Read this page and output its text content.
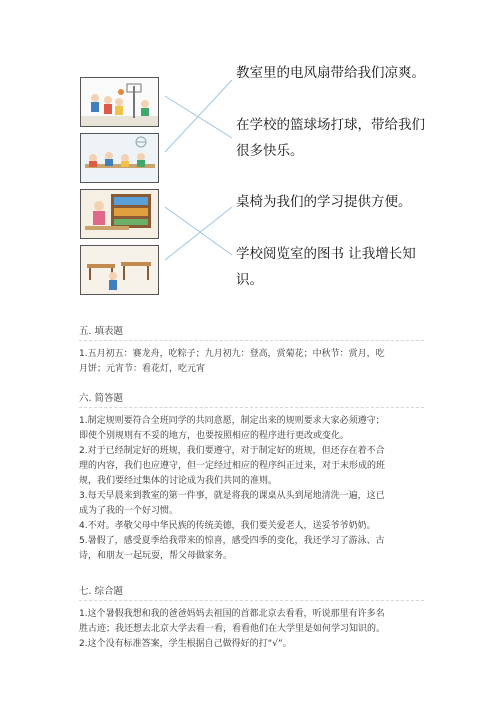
教室里的电风扇带给我们凉爽。
在学校的篮球场打球，带给我们
很多快乐。
桌椅为我们的学习提供方便。
学校阅览室的图书 让我增长知
识。
五. 填表题
1.五月初五：赛龙舟，吃粽子；九月初九：登高，赏菊花；中秋节：赏月，吃
月饼；元宵节：看花灯，吃元宵
六. 简答题
1.制定规则要符合全班同学的共同意愿，制定出来的规则要求大家必须遵守；
即使个别规则有不妥的地方，也要按照相应的程序进行更改或变化。
2.对于已经制定好的班规，我们要遵守，对于制定好的班规，但还存在着不合
理的内容，我们也应遵守，但一定经过相应的程序纠正过来，对于未形成的班
规，我们要经过集体的讨论成为我们共同的准则。
3.每天早晨来到教室的第一件事，就是将我的课桌从头到尾地清洗一遍，这已
成为了我的一个好习惯。
4.不对。孝敬父母中华民族的传统美德，我们要关爱老人，送妥爷爷奶奶。
5.暑假了，感受夏季给我带来的惊喜，感受四季的变化，我还学习了游泳、古
诗，和朋友一起玩耍，帮父母做家务。
七. 综合题
1.这个暑假我想和我的爸爸妈妈去祖国的首都北京去看看，听说那里有许多名
胜古迹；我还想去北京大学去看一看，看看他们在大学里是如何学习知识的。
2.这个没有标准答案，学生根据自己做得好的打“√”。
